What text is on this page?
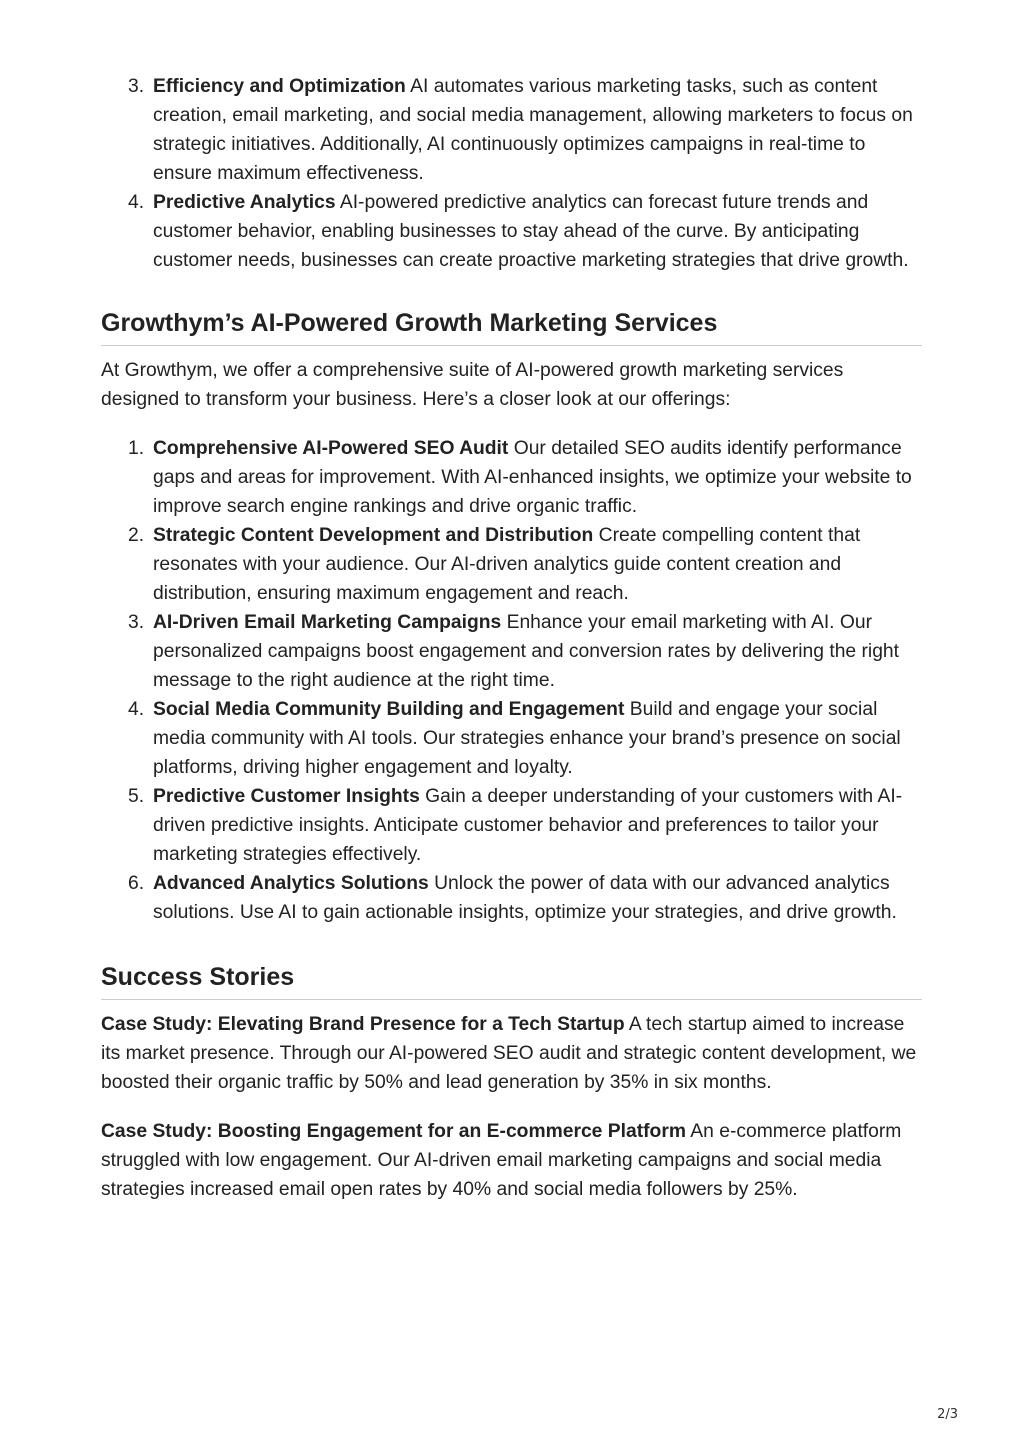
3. Efficiency and Optimization AI automates various marketing tasks, such as content creation, email marketing, and social media management, allowing marketers to focus on strategic initiatives. Additionally, AI continuously optimizes campaigns in real-time to ensure maximum effectiveness.
4. Predictive Analytics AI-powered predictive analytics can forecast future trends and customer behavior, enabling businesses to stay ahead of the curve. By anticipating customer needs, businesses can create proactive marketing strategies that drive growth.
Growthym’s AI-Powered Growth Marketing Services

At Growthym, we offer a comprehensive suite of AI-powered growth marketing services designed to transform your business. Here’s a closer look at our offerings:

1. Comprehensive AI-Powered SEO Audit Our detailed SEO audits identify performance gaps and areas for improvement. With AI-enhanced insights, we optimize your website to improve search engine rankings and drive organic traffic.
2. Strategic Content Development and Distribution Create compelling content that resonates with your audience. Our AI-driven analytics guide content creation and distribution, ensuring maximum engagement and reach.
3. AI-Driven Email Marketing Campaigns Enhance your email marketing with AI. Our personalized campaigns boost engagement and conversion rates by delivering the right message to the right audience at the right time.
4. Social Media Community Building and Engagement Build and engage your social media community with AI tools. Our strategies enhance your brand’s presence on social platforms, driving higher engagement and loyalty.
5. Predictive Customer Insights Gain a deeper understanding of your customers with AI-driven predictive insights. Anticipate customer behavior and preferences to tailor your marketing strategies effectively.
6. Advanced Analytics Solutions Unlock the power of data with our advanced analytics solutions. Use AI to gain actionable insights, optimize your strategies, and drive growth.
Success Stories

Case Study: Elevating Brand Presence for a Tech Startup A tech startup aimed to increase its market presence. Through our AI-powered SEO audit and strategic content development, we boosted their organic traffic by 50% and lead generation by 35% in six months.

Case Study: Boosting Engagement for an E-commerce Platform An e-commerce platform struggled with low engagement. Our AI-driven email marketing campaigns and social media strategies increased email open rates by 40% and social media followers by 25%.

2/3
